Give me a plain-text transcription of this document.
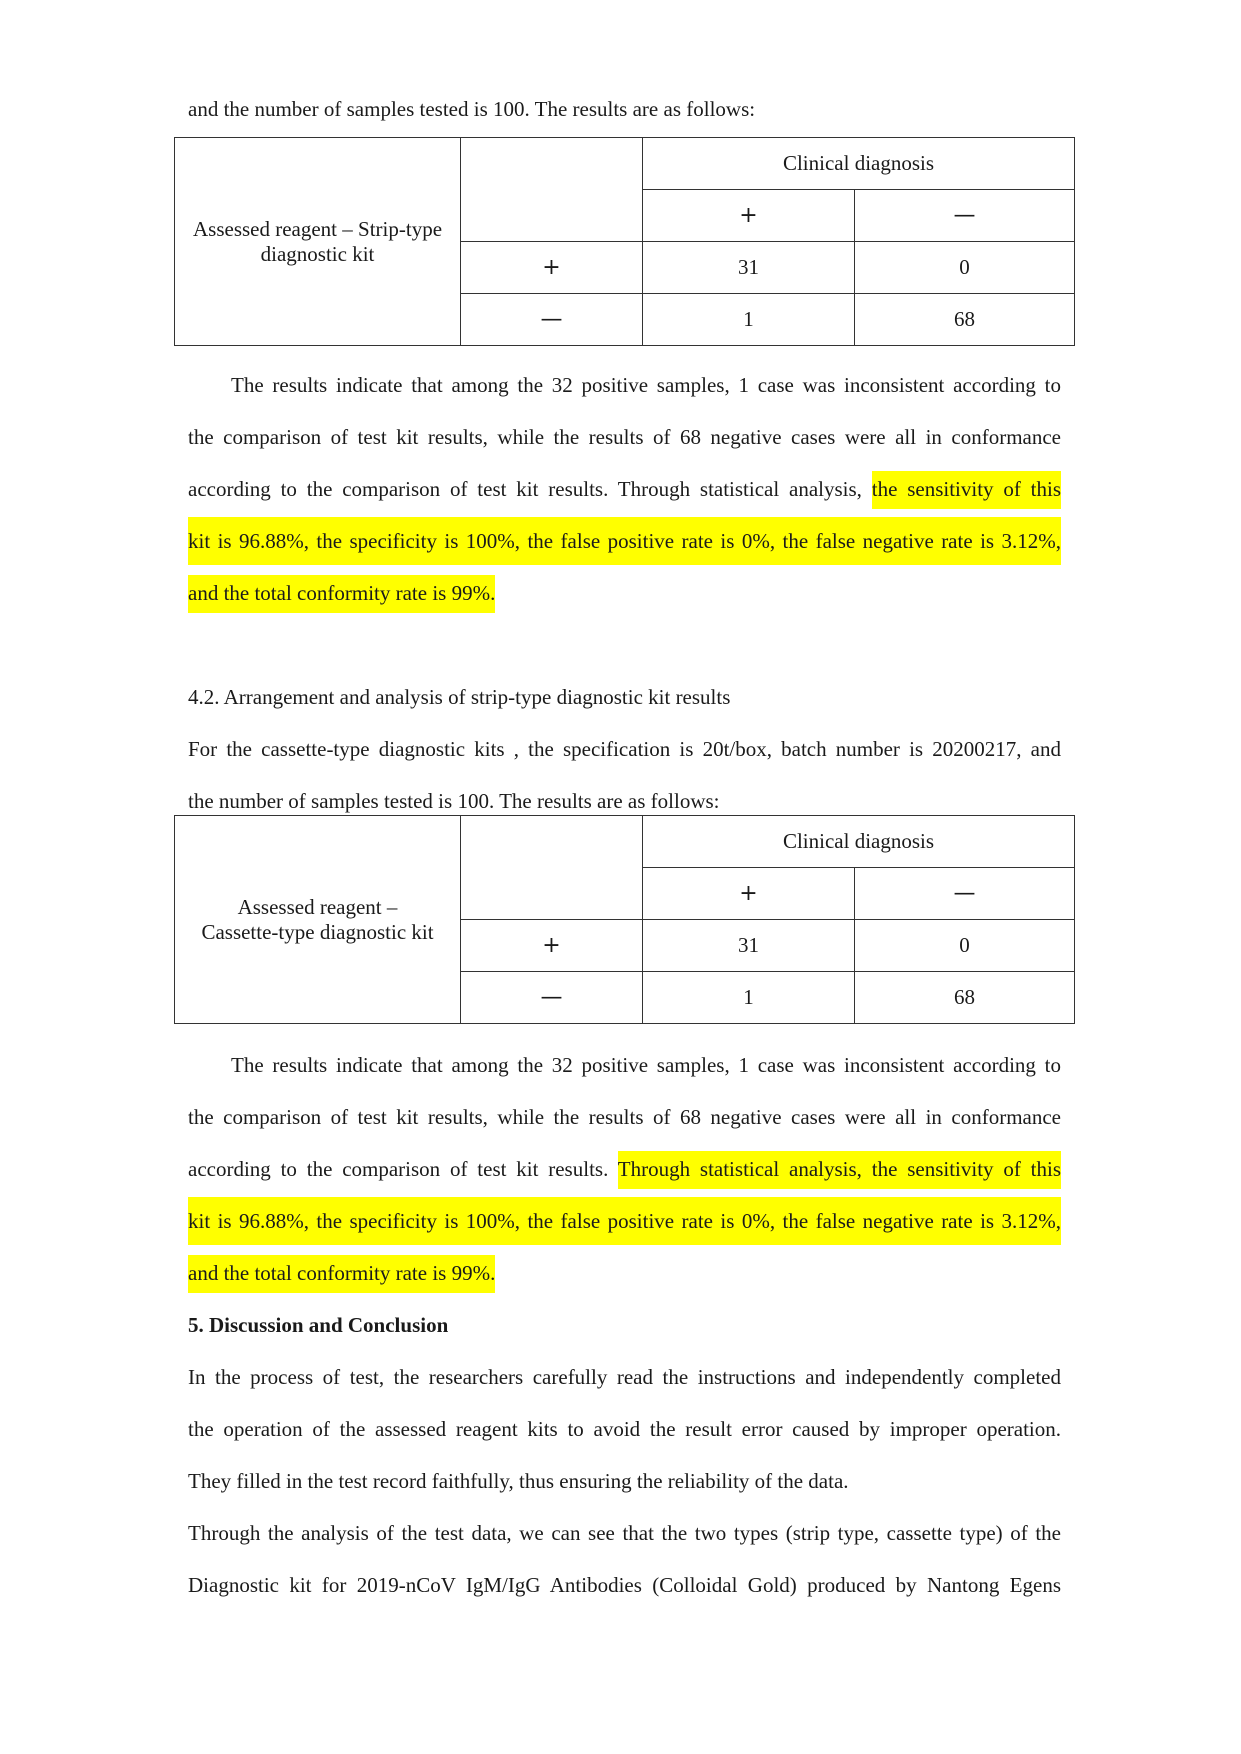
and the number of samples tested is 100. The results are as follows:
Assessed reagent – Strip-type
diagnostic kit		Clinical diagnosis	
		+	—
	+	31	0
	—	1	68
The results indicate that among the 32 positive samples, 1 case was inconsistent according to
the comparison of test kit results, while the results of 68 negative cases were all in conformance
according to the comparison of test kit results. Through statistical analysis, the sensitivity of this
kit is 96.88%, the specificity is 100%, the false positive rate is 0%, the false negative rate is 3.12%,
and the total conformity rate is 99%.
4.2. Arrangement and analysis of strip-type diagnostic kit results
For the cassette-type diagnostic kits , the specification is 20t/box, batch number is 20200217, and
the number of samples tested is 100. The results are as follows:
Assessed reagent –
Cassette-type diagnostic kit		Clinical diagnosis	
		+	—
	+	31	0
	—	1	68
The results indicate that among the 32 positive samples, 1 case was inconsistent according to
the comparison of test kit results, while the results of 68 negative cases were all in conformance
according to the comparison of test kit results. Through statistical analysis, the sensitivity of this
kit is 96.88%, the specificity is 100%, the false positive rate is 0%, the false negative rate is 3.12%,
and the total conformity rate is 99%.
5. Discussion and Conclusion
In the process of test, the researchers carefully read the instructions and independently completed
the operation of the assessed reagent kits to avoid the result error caused by improper operation.
They filled in the test record faithfully, thus ensuring the reliability of the data.
Through the analysis of the test data, we can see that the two types (strip type, cassette type) of the
Diagnostic kit for 2019-nCoV IgM/IgG Antibodies (Colloidal Gold) produced by Nantong Egens
